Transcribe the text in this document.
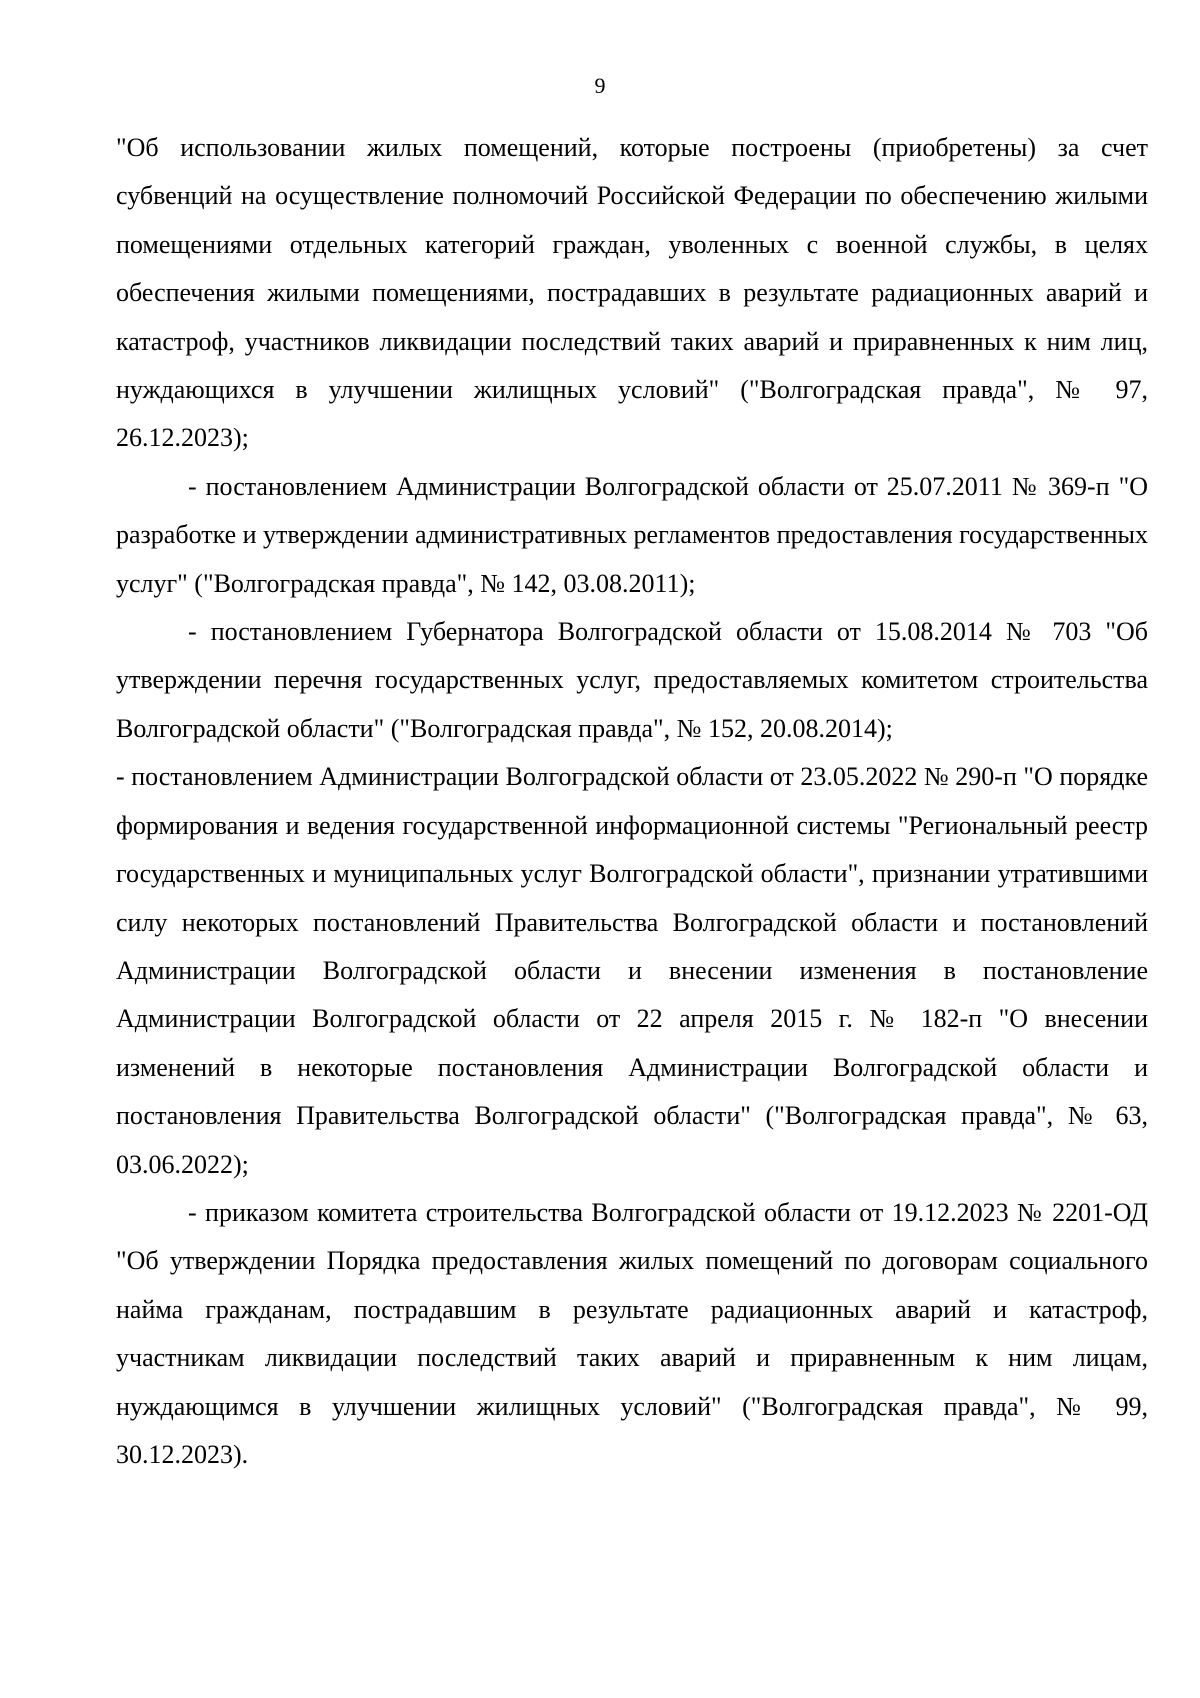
9

"Об использовании жилых помещений, которые построены (приобретены) за счет субвенций на осуществление полномочий Российской Федерации по обеспечению жилыми помещениями отдельных категорий граждан, уволенных с военной службы, в целях обеспечения жилыми помещениями, пострадавших в результате радиационных аварий и катастроф, участников ликвидации последствий таких аварий и приравненных к ним лиц, нуждающихся в улучшении жилищных условий" ("Волгоградская правда", № 97, 26.12.2023);

- постановлением Администрации Волгоградской области от 25.07.2011 № 369-п "О разработке и утверждении административных регламентов предоставления государственных услуг" ("Волгоградская правда", № 142, 03.08.2011);

- постановлением Губернатора Волгоградской области от 15.08.2014 № 703 "Об утверждении перечня государственных услуг, предоставляемых комитетом строительства Волгоградской области" ("Волгоградская правда", № 152, 20.08.2014);

- постановлением Администрации Волгоградской области от 23.05.2022 № 290-п "О порядке формирования и ведения государственной информационной системы "Региональный реестр государственных и муниципальных услуг Волгоградской области", признании утратившими силу некоторых постановлений Правительства Волгоградской области и постановлений Администрации Волгоградской области и внесении изменения в постановление Администрации Волгоградской области от 22 апреля 2015 г. № 182-п "О внесении изменений в некоторые постановления Администрации Волгоградской области и постановления Правительства Волгоградской области" ("Волгоградская правда", № 63, 03.06.2022);

- приказом комитета строительства Волгоградской области от 19.12.2023 № 2201-ОД "Об утверждении Порядка предоставления жилых помещений по договорам социального найма гражданам, пострадавшим в результате радиационных аварий и катастроф, участникам ликвидации последствий таких аварий и приравненным к ним лицам, нуждающимся в улучшении жилищных условий" ("Волгоградская правда", № 99, 30.12.2023).
